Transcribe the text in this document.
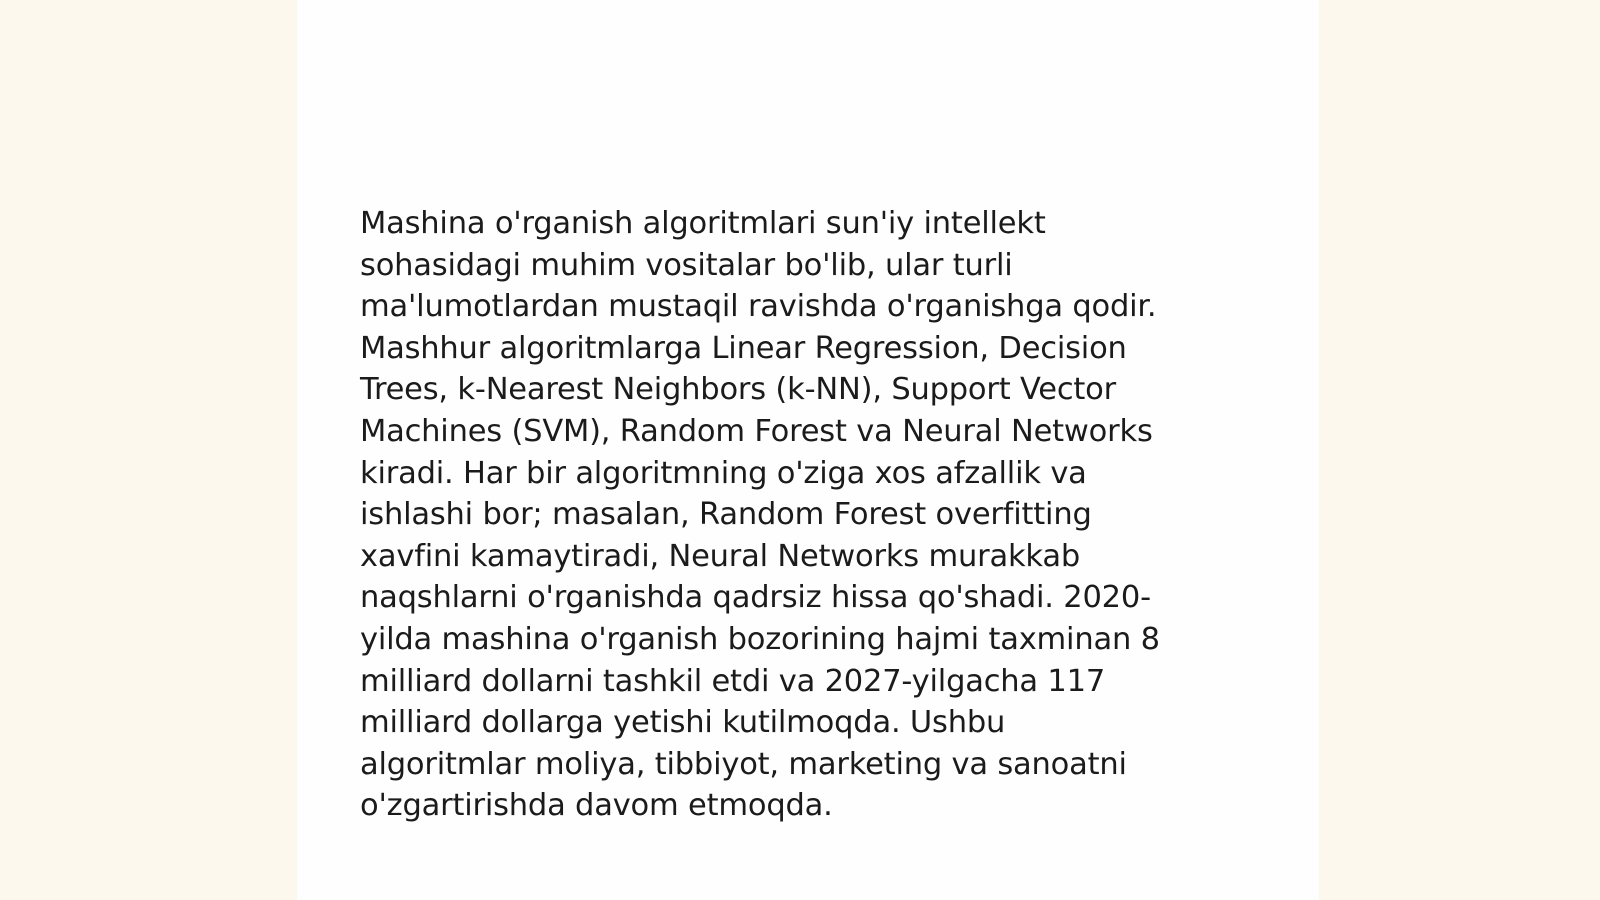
Mashina o'rganish algoritmlari sun'iy intellekt
sohasidagi muhim vositalar bo'lib, ular turli
ma'lumotlardan mustaqil ravishda o'rganishga qodir.
Mashhur algoritmlarga Linear Regression, Decision
Trees, k-Nearest Neighbors (k-NN), Support Vector
Machines (SVM), Random Forest va Neural Networks
kiradi. Har bir algoritmning o'ziga xos afzallik va
ishlashi bor; masalan, Random Forest overfitting
xavfini kamaytiradi, Neural Networks murakkab
naqshlarni o'rganishda qadrsiz hissa qo'shadi. 2020-
yilda mashina o'rganish bozorining hajmi taxminan 8
milliard dollarni tashkil etdi va 2027-yilgacha 117
milliard dollarga yetishi kutilmoqda. Ushbu
algoritmlar moliya, tibbiyot, marketing va sanoatni
o'zgartirishda davom etmoqda.
